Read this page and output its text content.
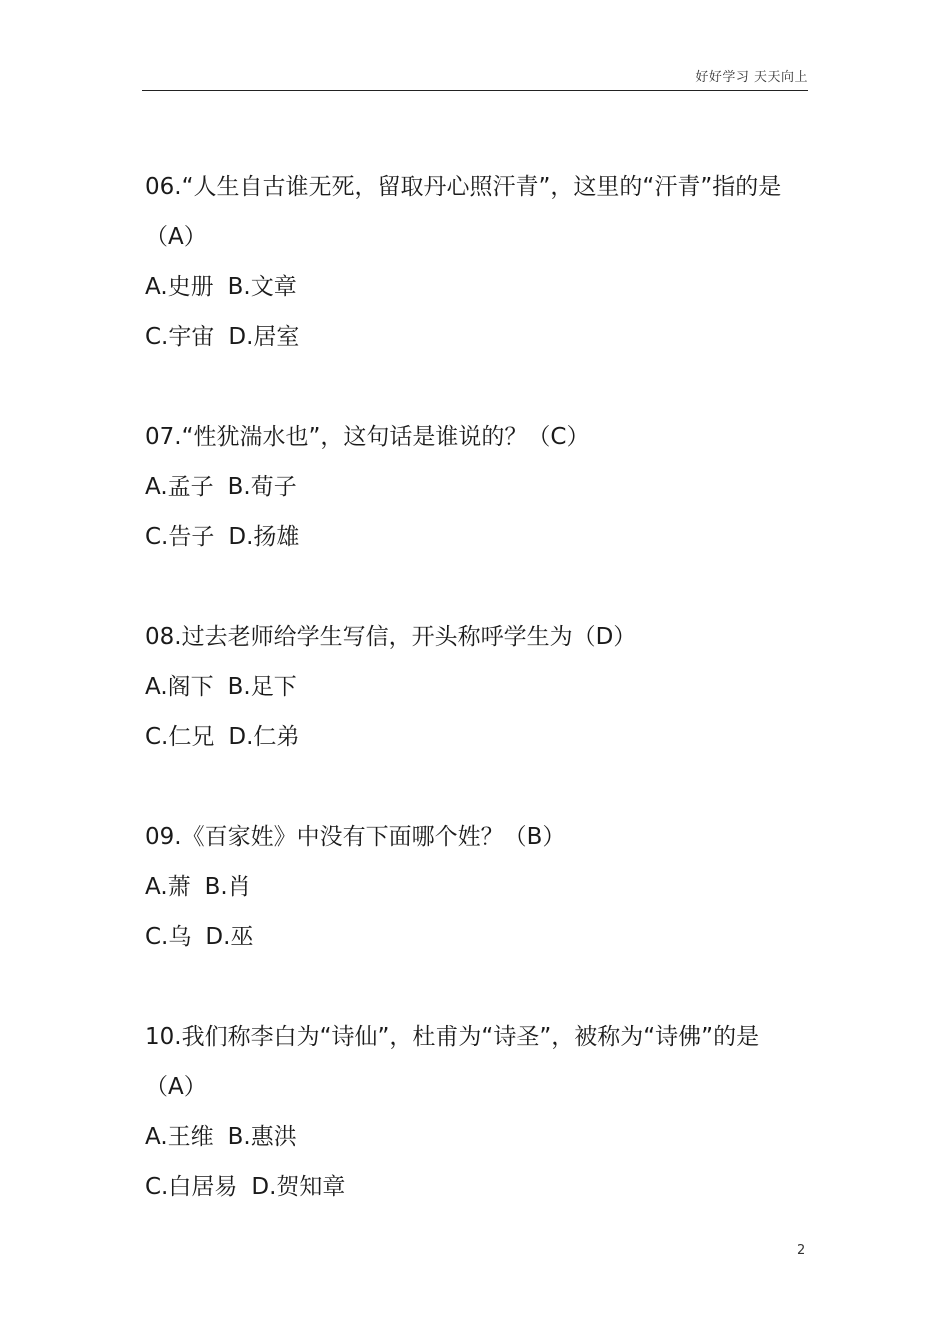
好好学习 天天向上
06.“人生自古谁无死，留取丹心照汗青”，这里的“汗青”指的是（A）
A.史册 B.文章
C.宇宙 D.居室
07.“性犹湍水也”，这句话是谁说的？（C）
A.孟子 B.荀子
C.告子 D.扬雄
08.过去老师给学生写信，开头称呼学生为（D）
A.阁下 B.足下
C.仁兄 D.仁弟
09.《百家姓》中没有下面哪个姓？（B）
A.萧 B.肖
C.乌 D.巫
10.我们称李白为“诗仙”，杜甫为“诗圣”，被称为“诗佛”的是（A）
A.王维 B.惠洪
C.白居易 D.贺知章
2
